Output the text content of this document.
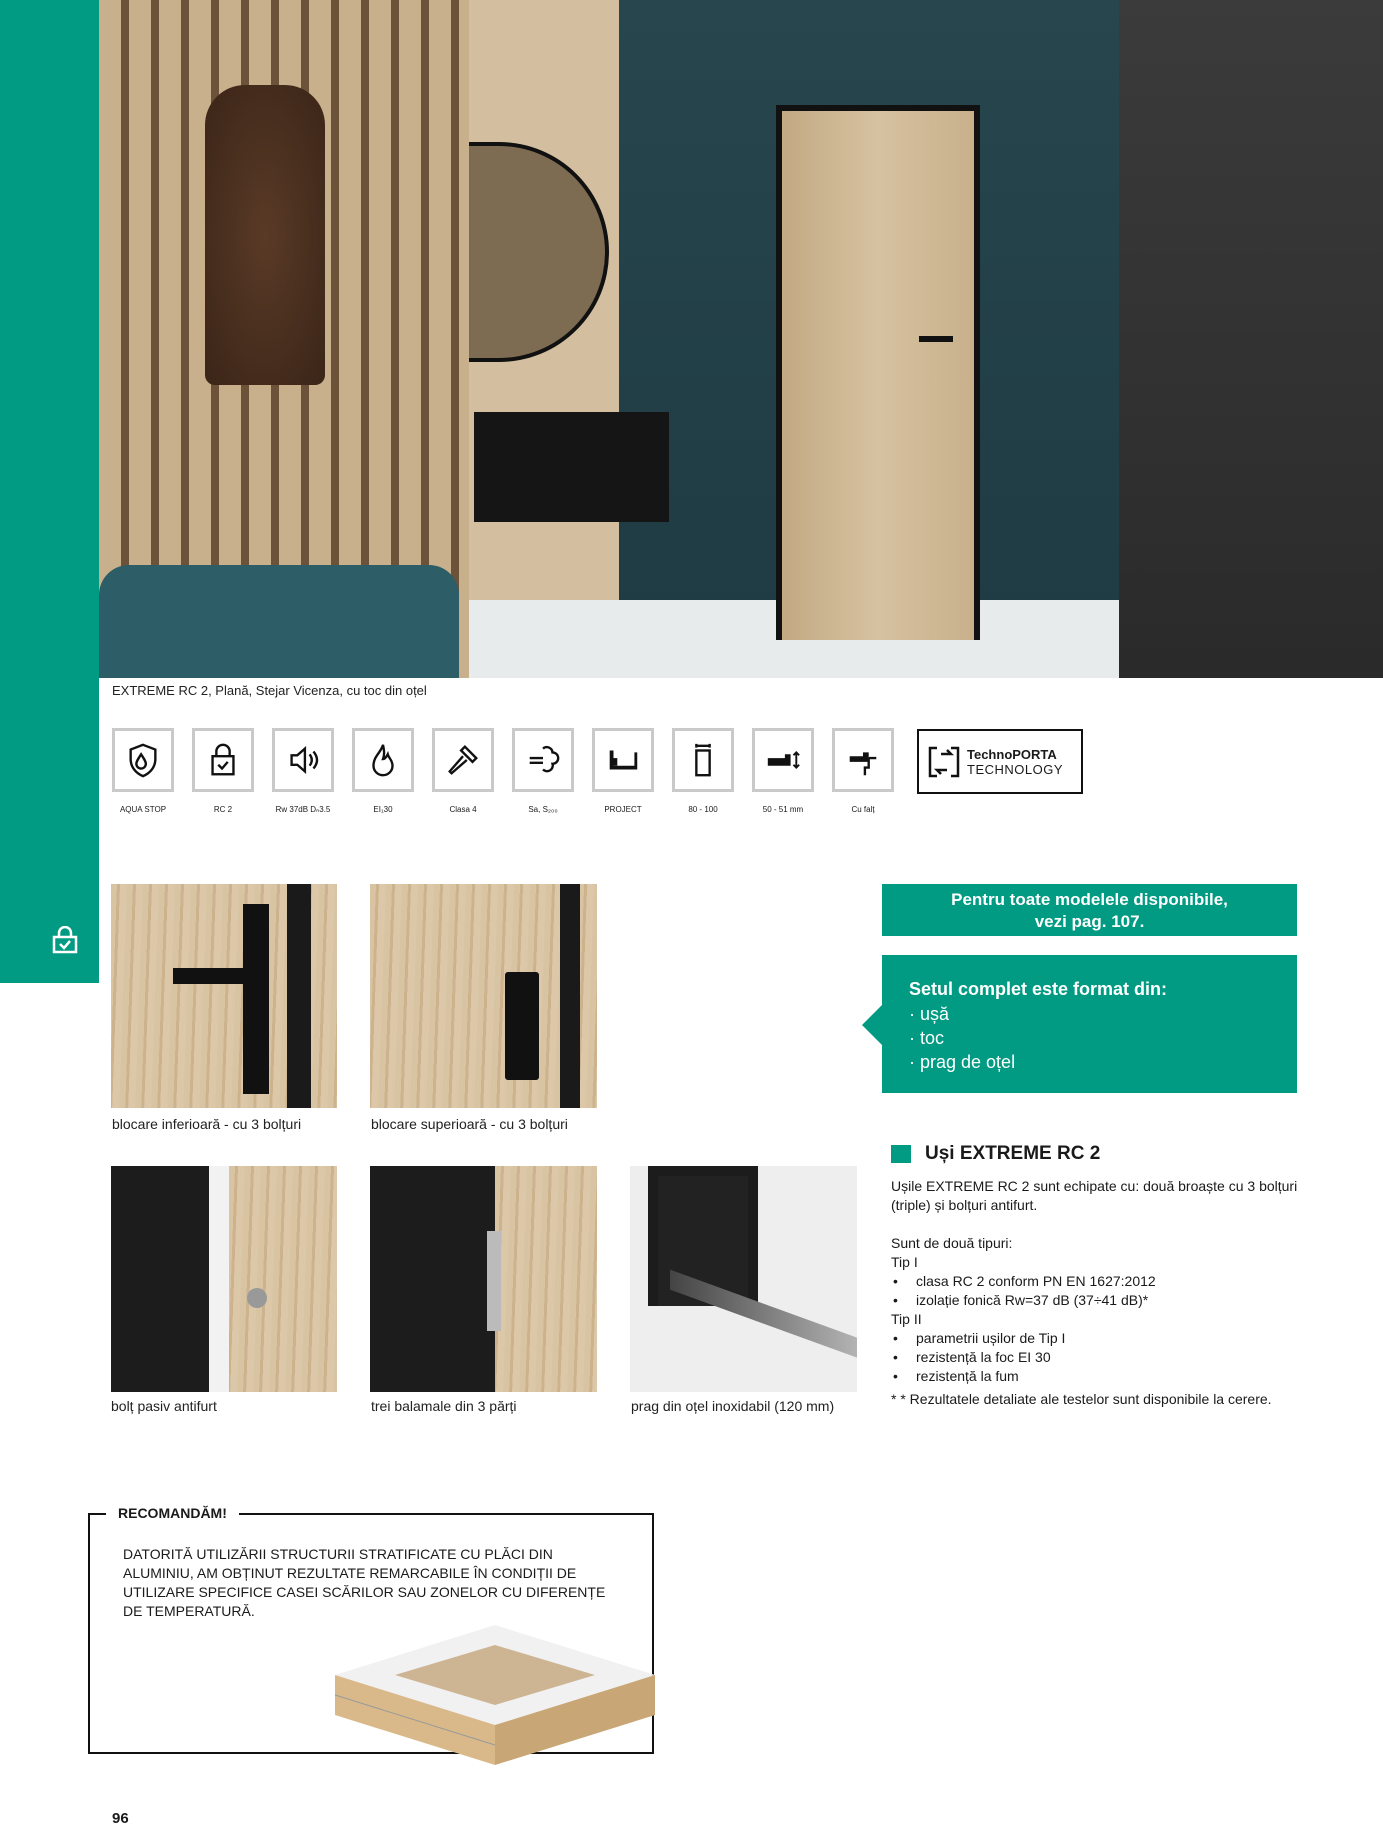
EXTREME RC 2, Plană, Stejar Vicenza, cu toc din oțel
AQUA STOP	RC 2	Rw 37dB Dₙ3.5	EI₁30	Clasa 4	Sa, S₂₀₀	PROJECT	80 - 100	50 - 51 mm	Cu falț
TechnoPORTA
TECHNOLOGY
blocare inferioară - cu 3 bolțuri	blocare superioară - cu 3 bolțuri
bolț pasiv antifurt	trei balamale din 3 părți	prag din oțel inoxidabil (120 mm)
Pentru toate modelele disponibile,
vezi pag. 107.
Setul complet este format din:
· ușă
· toc
· prag de oțel
Uși EXTREME RC 2
Ușile EXTREME RC 2 sunt echipate cu: două broaște cu 3 bolțuri (triple) și bolțuri antifurt.
Sunt de două tipuri:
Tip I
•	clasa RC 2 conform PN EN 1627:2012
•	izolație fonică Rw=37 dB (37÷41 dB)*
Tip II
•	parametrii ușilor de Tip I
•	rezistență la foc EI 30
•	rezistență la fum
* * Rezultatele detaliate ale testelor sunt disponibile la cerere.
RECOMANDĂM!
DATORITĂ UTILIZĂRII STRUCTURII STRATIFICATE CU PLĂCI DIN ALUMINIU, AM OBȚINUT REZULTATE REMARCABILE ÎN CONDIȚII DE UTILIZARE SPECIFICE CASEI SCĂRILOR SAU ZONELOR CU DIFERENȚE DE TEMPERATURĂ.
96
